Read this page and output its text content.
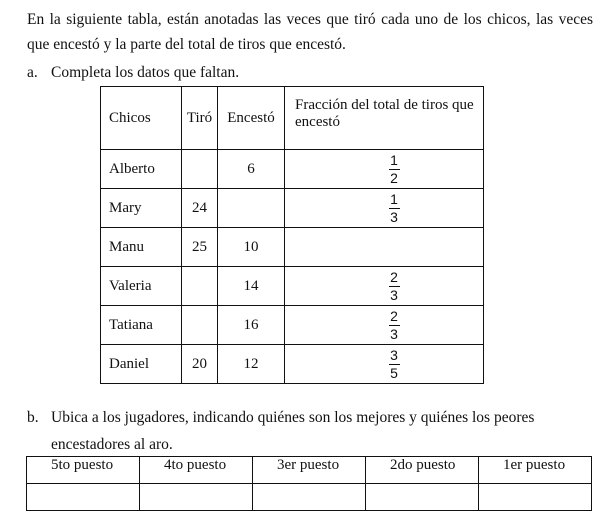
En la siguiente tabla, están anotadas las veces que tiró cada uno de los chicos, las veces que encestó y la parte del total de tiros que encestó.
a. Completa los datos que faltan.
Chicos	Tiró	Encestó	Fracción del total de tiros que encestó
Alberto		6	$\frac{1}{2}$

Mary	24		$\frac{1}{3}$

Manu	25	10	
Valeria		14	$\frac{2}{3}$

Tatiana		16	$\frac{2}{3}$

Daniel	20	12	$\frac{3}{5}$
b. Ubica a los jugadores, indicando quiénes son los mejores y quiénes los peores
encestadores al aro.
5to puesto	4to puesto	3er puesto	2do puesto	1er puesto
